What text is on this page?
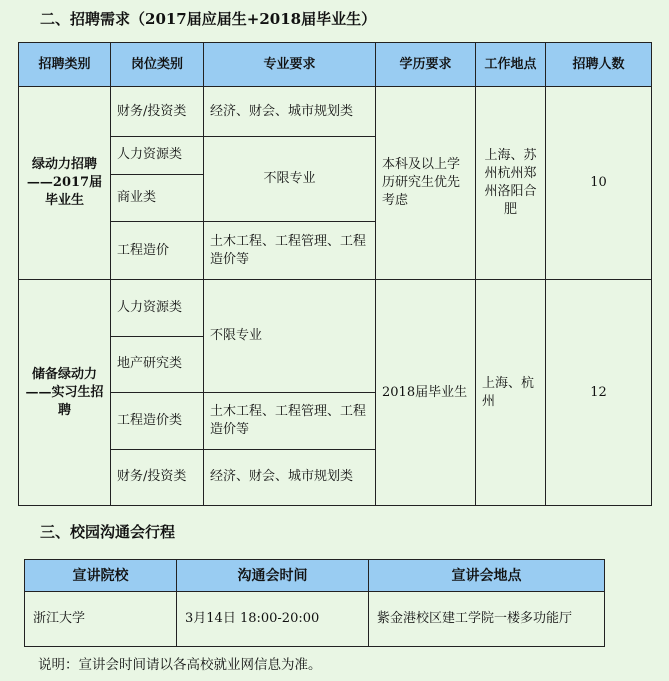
二、招聘需求（2017届应届生+2018届毕业生）
招聘类别	岗位类别	专业要求	学历要求	工作地点	招聘人数
绿动力招聘——2017届毕业生	财务/投资类	经济、财会、城市规划类	本科及以上学历研究生优先考虑	上海、苏州杭州郑州洛阳合肥	10
	人力资源类	不限专业			
	商业类				
	工程造价	土木工程、工程管理、工程造价等			
储备绿动力——实习生招聘	人力资源类	不限专业	2018届毕业生	上海、杭州	12
	地产研究类				
	工程造价类	土木工程、工程管理、工程造价等			
	财务/投资类	经济、财会、城市规划类			
三、校园沟通会行程
宣讲院校	沟通会时间	宣讲会地点
浙江大学	3月14日 18:00-20:00	紫金港校区建工学院一楼多功能厅
说明：宣讲会时间请以各高校就业网信息为准。
